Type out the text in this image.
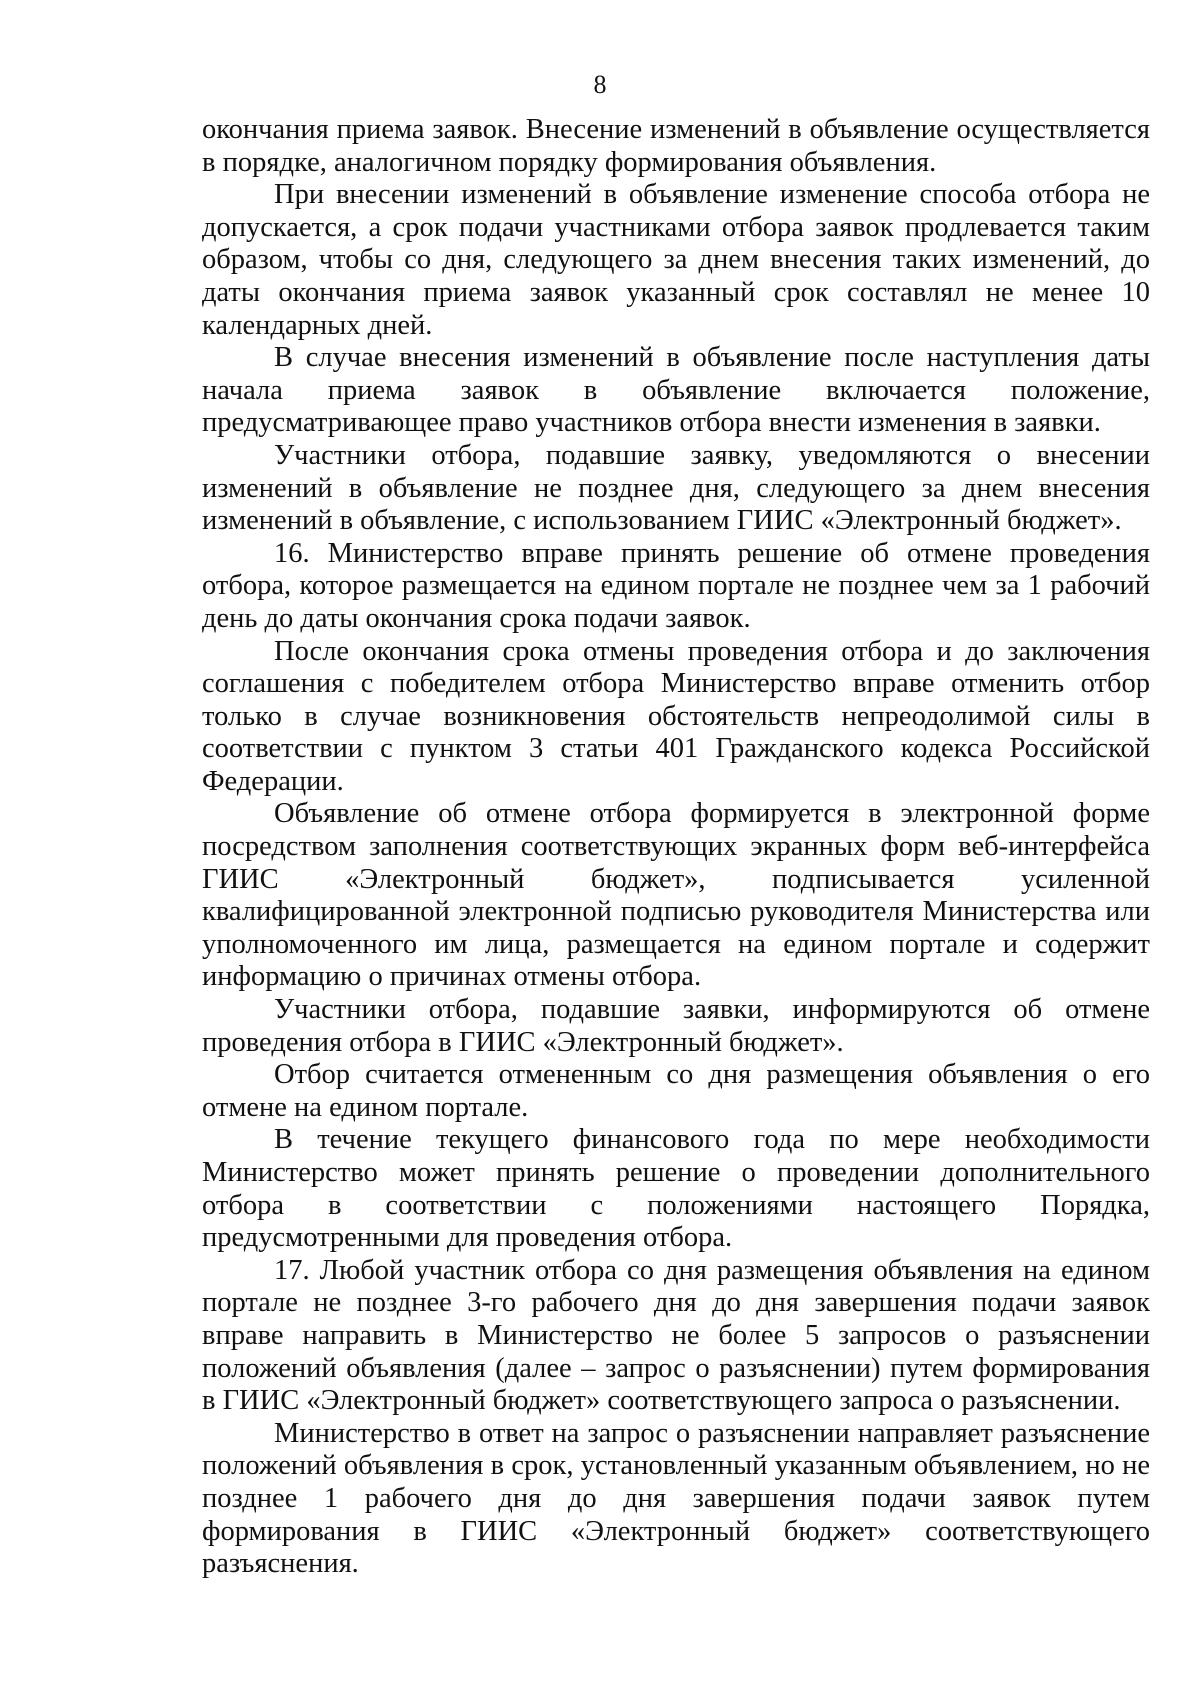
8

окончания приема заявок. Внесение изменений в объявление осуществляется в порядке, аналогичном порядку формирования объявления.

При внесении изменений в объявление изменение способа отбора не допускается, а срок подачи участниками отбора заявок продлевается таким образом, чтобы со дня, следующего за днем внесения таких изменений, до даты окончания приема заявок указанный срок составлял не менее 10 календарных дней.

В случае внесения изменений в объявление после наступления даты начала приема заявок в объявление включается положение, предусматривающее право участников отбора внести изменения в заявки.

Участники отбора, подавшие заявку, уведомляются о внесении изменений в объявление не позднее дня, следующего за днем внесения изменений в объявление, с использованием ГИИС «Электронный бюджет».

16. Министерство вправе принять решение об отмене проведения отбора, которое размещается на едином портале не позднее чем за 1 рабочий день до даты окончания срока подачи заявок.

После окончания срока отмены проведения отбора и до заключения соглашения с победителем отбора Министерство вправе отменить отбор только в случае возникновения обстоятельств непреодолимой силы в соответствии с пунктом 3 статьи 401 Гражданского кодекса Российской Федерации.

Объявление об отмене отбора формируется в электронной форме посредством заполнения соответствующих экранных форм веб-интерфейса ГИИС «Электронный бюджет», подписывается усиленной квалифицированной электронной подписью руководителя Министерства или уполномоченного им лица, размещается на едином портале и содержит информацию о причинах отмены отбора.

Участники отбора, подавшие заявки, информируются об отмене проведения отбора в ГИИС «Электронный бюджет».

Отбор считается отмененным со дня размещения объявления о его отмене на едином портале.

В течение текущего финансового года по мере необходимости Министерство может принять решение о проведении дополнительного отбора в соответствии с положениями настоящего Порядка, предусмотренными для проведения отбора.

17. Любой участник отбора со дня размещения объявления на едином портале не позднее 3-го рабочего дня до дня завершения подачи заявок вправе направить в Министерство не более 5 запросов о разъяснении положений объявления (далее – запрос о разъяснении) путем формирования в ГИИС «Электронный бюджет» соответствующего запроса о разъяснении.

Министерство в ответ на запрос о разъяснении направляет разъяснение положений объявления в срок, установленный указанным объявлением, но не позднее 1 рабочего дня до дня завершения подачи заявок путем формирования в ГИИС «Электронный бюджет» соответствующего разъяснения.
